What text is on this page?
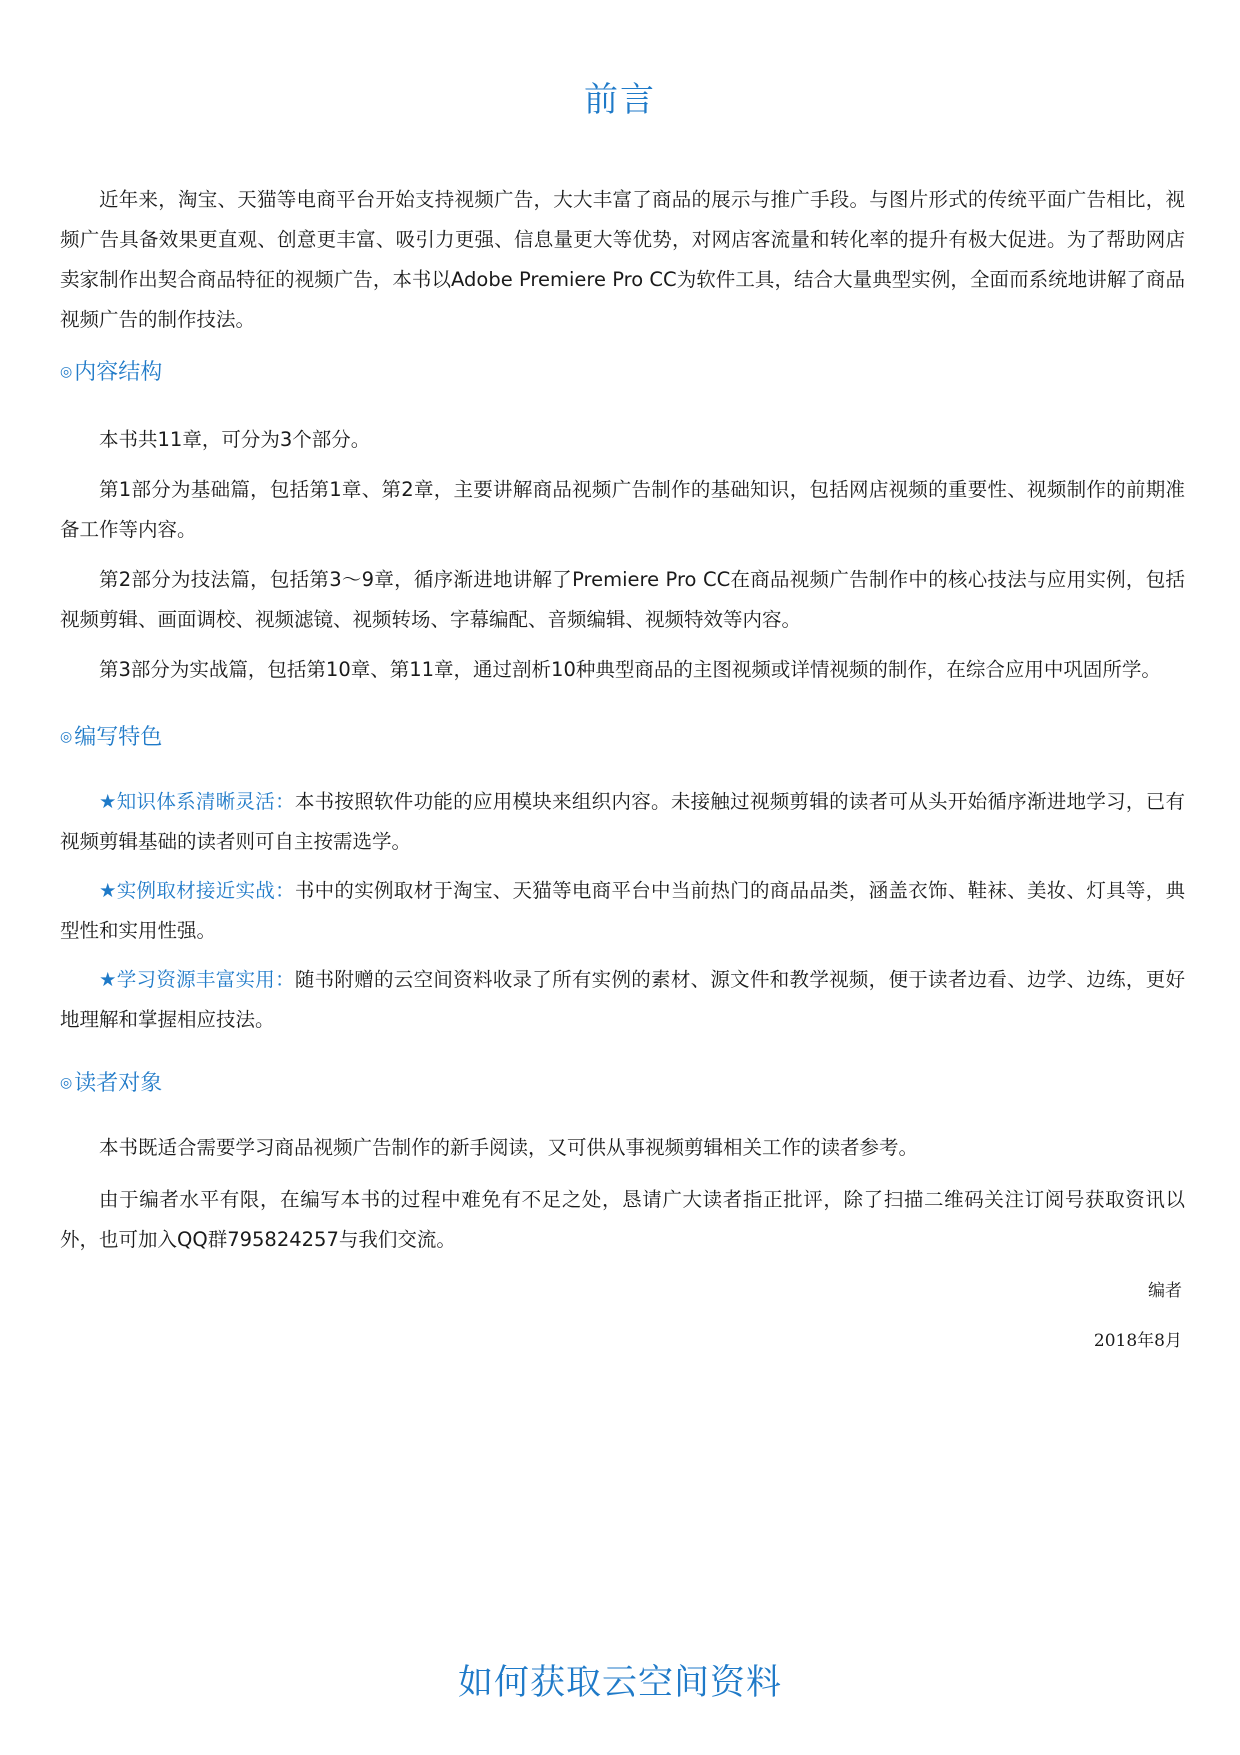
前言

近年来，淘宝、天猫等电商平台开始支持视频广告，大大丰富了商品的展示与推广手段。与图片形式的传统平面广告相比，视频广告具备效果更直观、创意更丰富、吸引力更强、信息量更大等优势，对网店客流量和转化率的提升有极大促进。为了帮助网店卖家制作出契合商品特征的视频广告，本书以Adobe Premiere Pro CC为软件工具，结合大量典型实例，全面而系统地讲解了商品视频广告的制作技法。

◎内容结构

本书共11章，可分为3个部分。

第1部分为基础篇，包括第1章、第2章，主要讲解商品视频广告制作的基础知识，包括网店视频的重要性、视频制作的前期准备工作等内容。

第2部分为技法篇，包括第3～9章，循序渐进地讲解了Premiere Pro CC在商品视频广告制作中的核心技法与应用实例，包括视频剪辑、画面调校、视频滤镜、视频转场、字幕编配、音频编辑、视频特效等内容。

第3部分为实战篇，包括第10章、第11章，通过剖析10种典型商品的主图视频或详情视频的制作，在综合应用中巩固所学。

◎编写特色

★知识体系清晰灵活：本书按照软件功能的应用模块来组织内容。未接触过视频剪辑的读者可从头开始循序渐进地学习，已有视频剪辑基础的读者则可自主按需选学。

★实例取材接近实战：书中的实例取材于淘宝、天猫等电商平台中当前热门的商品品类，涵盖衣饰、鞋袜、美妆、灯具等，典型性和实用性强。

★学习资源丰富实用：随书附赠的云空间资料收录了所有实例的素材、源文件和教学视频，便于读者边看、边学、边练，更好地理解和掌握相应技法。

◎读者对象

本书既适合需要学习商品视频广告制作的新手阅读，又可供从事视频剪辑相关工作的读者参考。

由于编者水平有限，在编写本书的过程中难免有不足之处，恳请广大读者指正批评，除了扫描二维码关注订阅号获取资讯以外，也可加入QQ群795824257与我们交流。

编者
2018年8月
如何获取云空间资料
